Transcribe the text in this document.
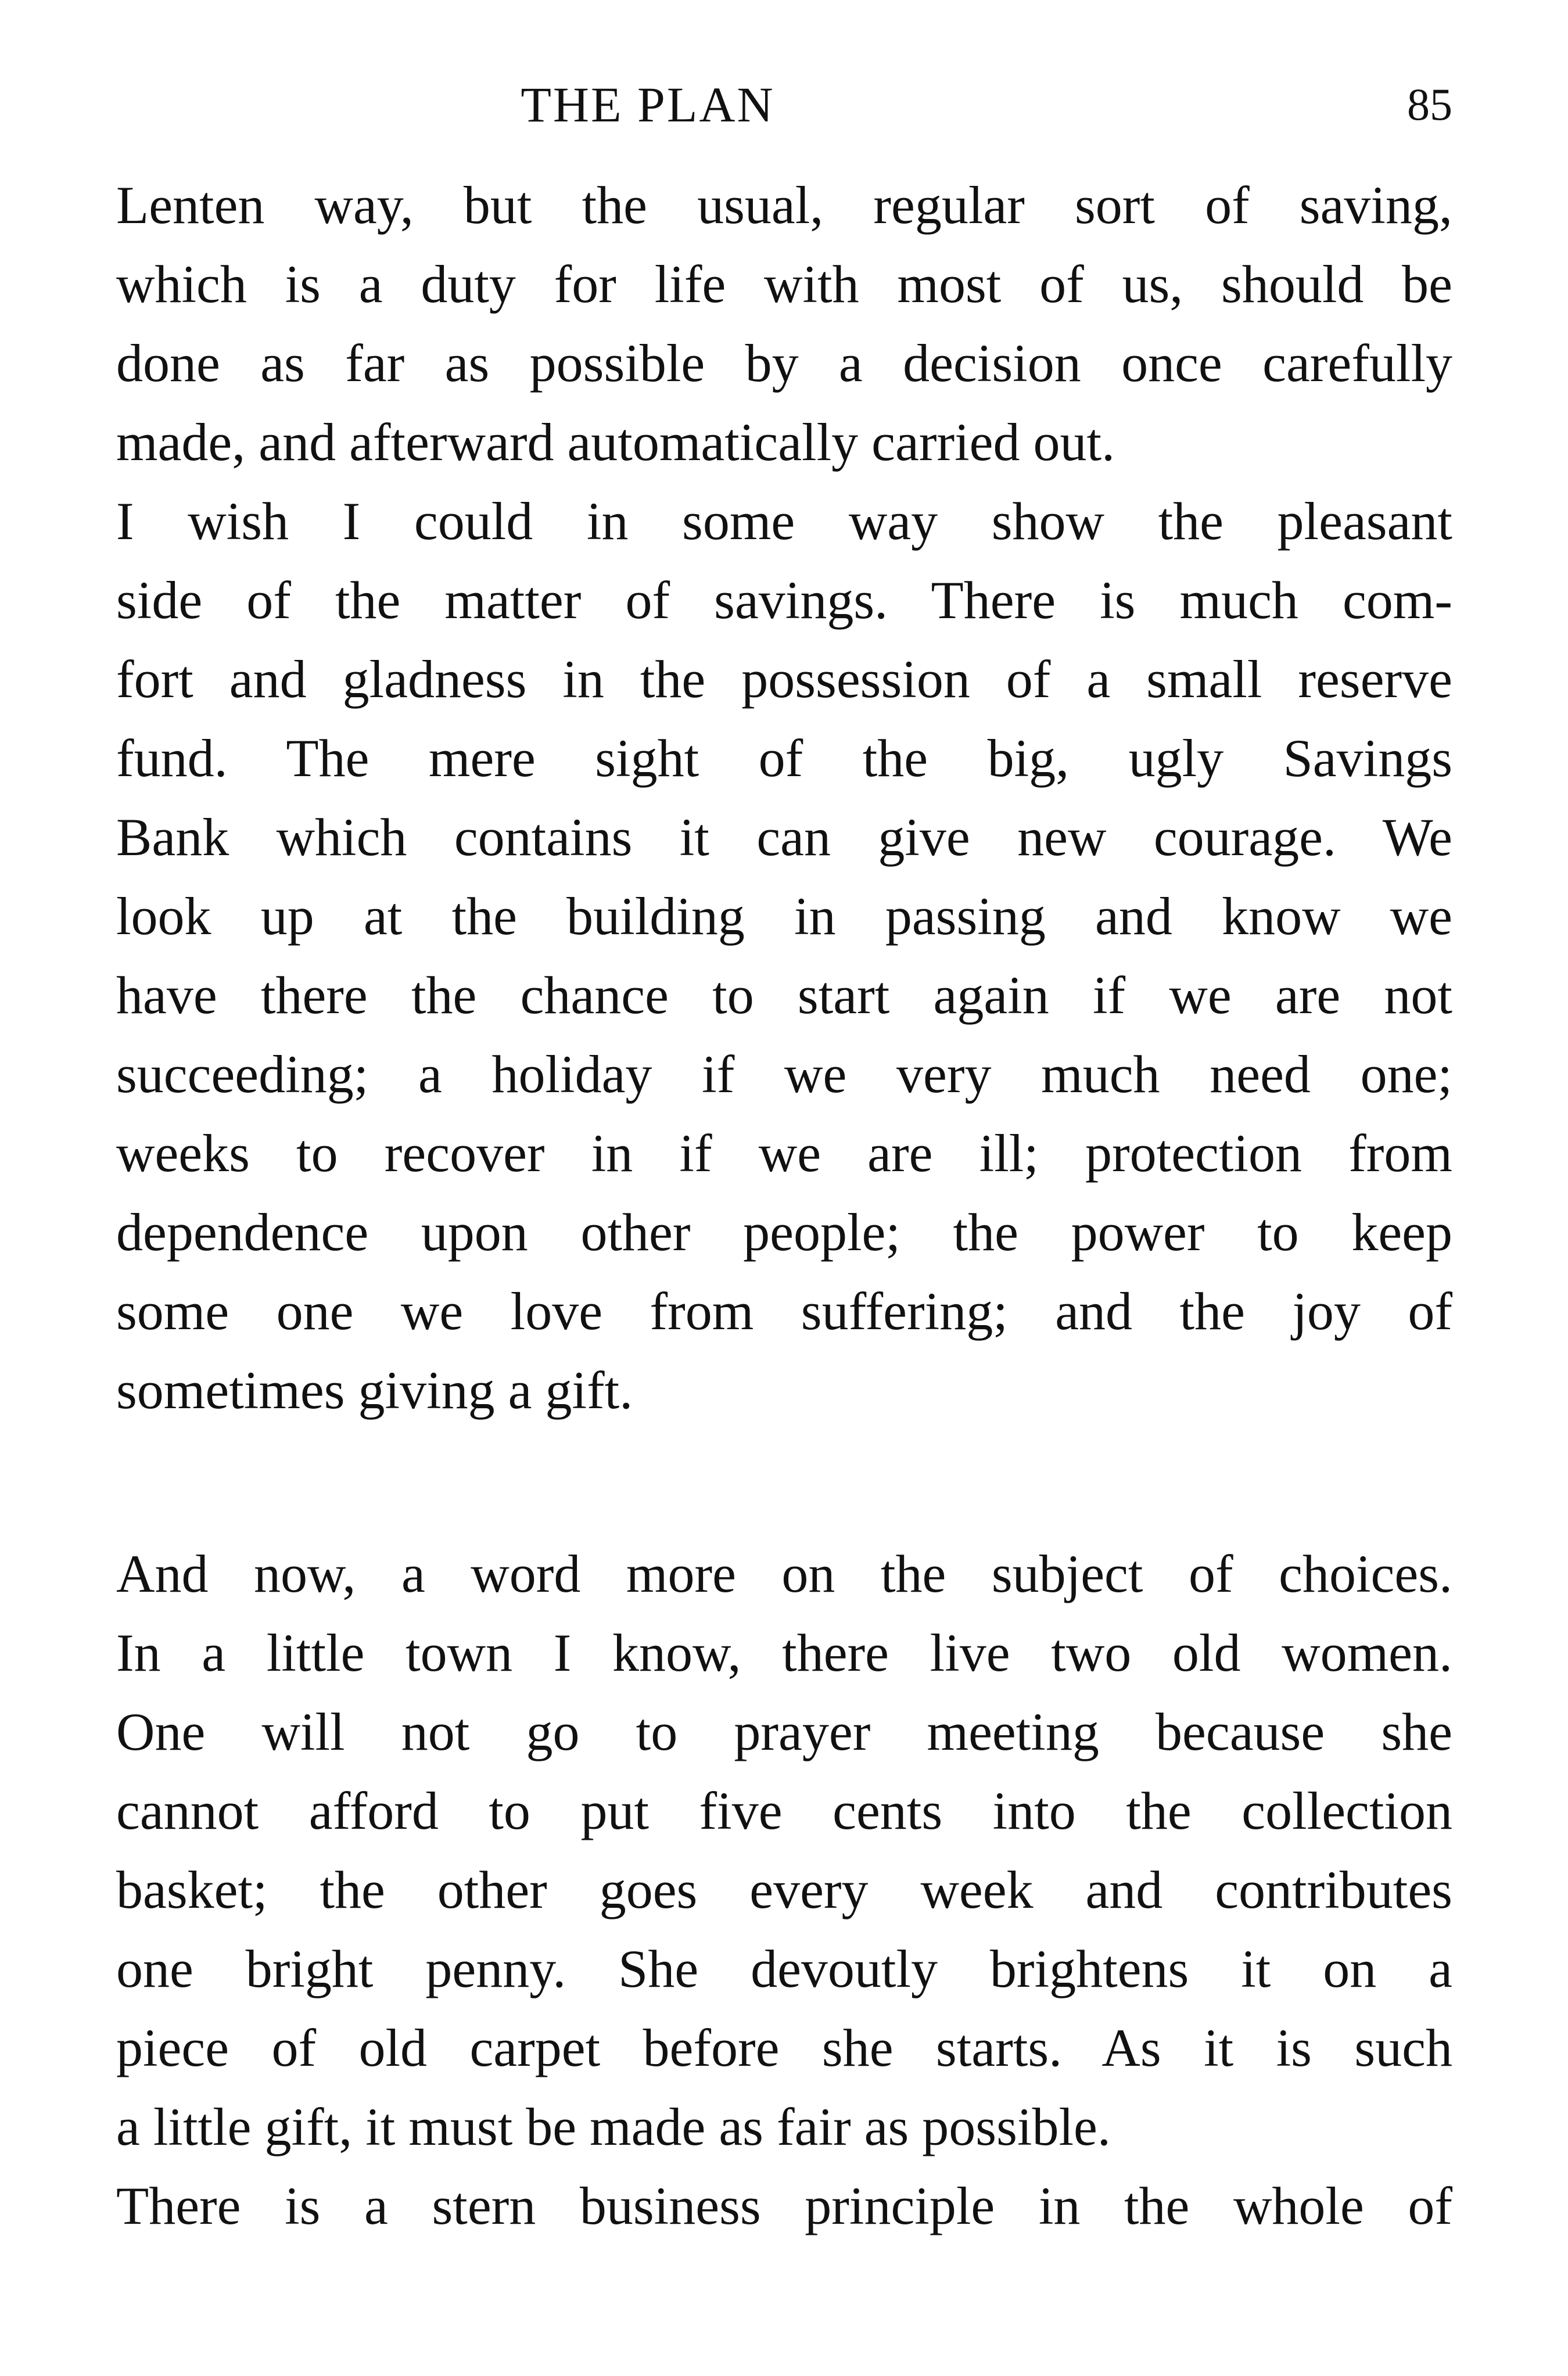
THE PLAN	85
Lenten way, but the usual, regular sort of saving,
which is a duty for life with most of us, should be
done as far as possible by a decision once carefully
made, and afterward automatically carried out.
I wish I could in some way show the pleasant
side of the matter of savings. There is much com-
fort and gladness in the possession of a small reserve
fund. The mere sight of the big, ugly Savings
Bank which contains it can give new courage. We
look up at the building in passing and know we
have there the chance to start again if we are not
succeeding; a holiday if we very much need one;
weeks to recover in if we are ill; protection from
dependence upon other people; the power to keep
some one we love from suffering; and the joy of
sometimes giving a gift.
And now, a word more on the subject of choices.
In a little town I know, there live two old women.
One will not go to prayer meeting because she
cannot afford to put five cents into the collection
basket; the other goes every week and contributes
one bright penny. She devoutly brightens it on a
piece of old carpet before she starts. As it is such
a little gift, it must be made as fair as possible.
There is a stern business principle in the whole of
